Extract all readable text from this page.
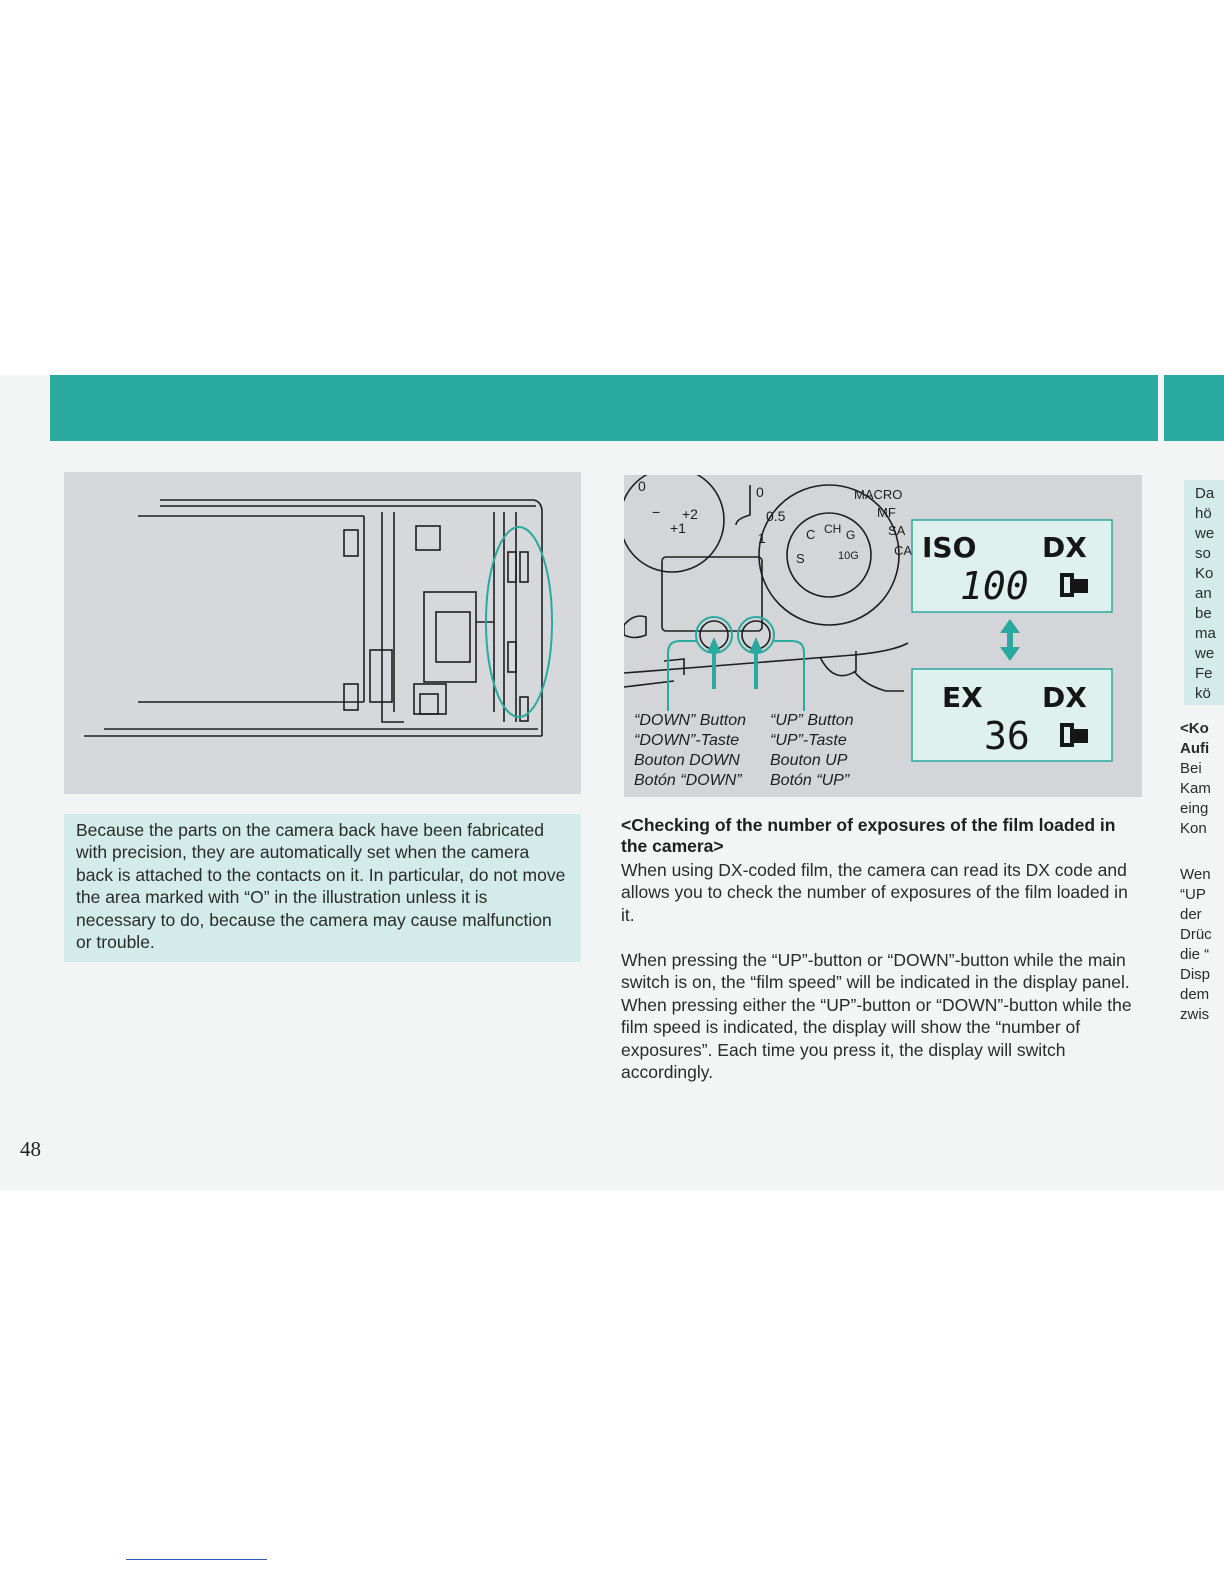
0	0
0.5
1
−
+1
+2
MACRO
MF
SA
CA
S
C CH G
10G
“DOWN” Button
“DOWN”-Taste
Bouton DOWN
Botón “DOWN”
“UP” Button
“UP”-Taste
Bouton UP
Botón “UP”
ISO DX
100
EX DX
36

Because the parts on the camera back have been fabricated with precision, they are automatically set when the camera back is attached to the contacts on it. In particular, do not move the area marked with “O” in the illustration unless it is necessary to do, because the camera may cause malfunction or trouble.

<Checking of the number of exposures of the film loaded in the camera>

When using DX-coded film, the camera can read its DX code and allows you to check the number of exposures of the film loaded in it.

When pressing the “UP”-button or “DOWN”-button while the main switch is on, the “film speed” will be indicated in the display panel. When pressing either the “UP”-button or “DOWN”-button while the film speed is indicated, the display will show the “number of exposures”. Each time you press it, the display will switch accordingly.

Da
hö
we
so
Ko
an
be
ma
we
Fe
kö
<Ko
Aufi
Bei
Kam
eing
Kon
Wen
“UP
der
Drüc
die “
Disp
dem
zwis
48
